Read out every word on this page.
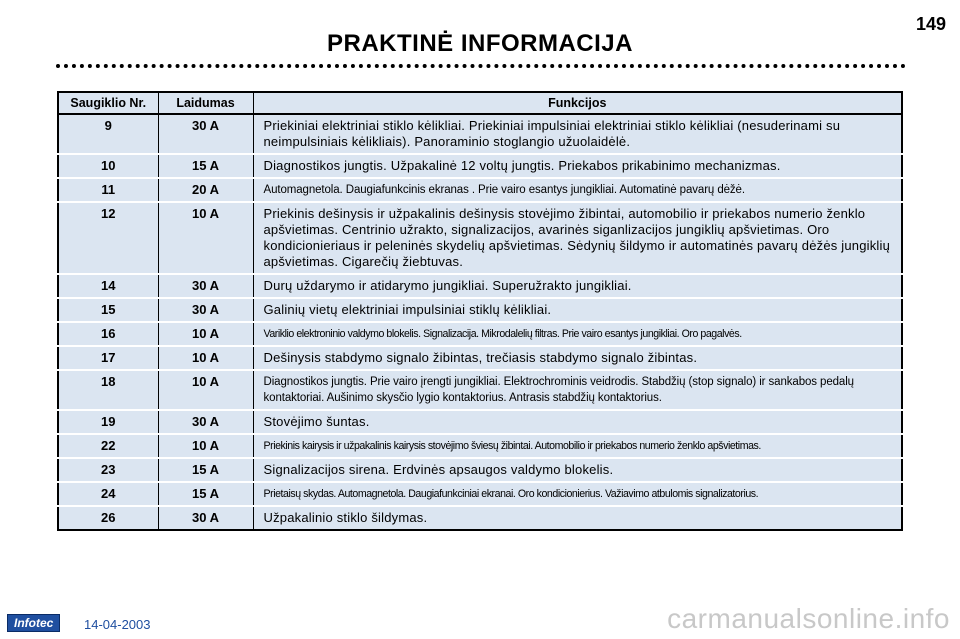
149
PRAKTINĖ INFORMACIJA
Saugiklio Nr.	Laidumas	Funkcijos
9	30 A	Priekiniai elektriniai stiklo kėlikliai. Priekiniai impulsiniai elektriniai stiklo kėlikliai (nesuderinami su neimpulsiniais kėlikliais). Panoraminio stoglangio užuolaidėlė.
10	15 A	Diagnostikos jungtis. Užpakalinė 12 voltų jungtis. Priekabos prikabinimo mechanizmas.
11	20 A	Automagnetola. Daugiafunkcinis ekranas . Prie vairo esantys jungikliai. Automatinė pavarų dėžė.
12	10 A	Priekinis dešinysis ir užpakalinis dešinysis stovėjimo žibintai, automobilio ir priekabos numerio ženklo apšvietimas. Centrinio užrakto, signalizacijos, avarinės siganlizacijos jungiklių apšvietimas. Oro kondicionieriaus ir peleninės skydelių apšvietimas. Sėdynių šildymo ir automatinės pavarų dėžės jungiklių apšvietimas. Cigarečių žiebtuvas.
14	30 A	Durų uždarymo ir atidarymo jungikliai. Superužrakto jungikliai.
15	30 A	Galinių vietų elektriniai impulsiniai stiklų kėlikliai.
16	10 A	Variklio elektroninio valdymo blokelis. Signalizacija. Mikrodalelių filtras. Prie vairo esantys jungikliai. Oro pagalvės.
17	10 A	Dešinysis stabdymo signalo žibintas, trečiasis stabdymo signalo žibintas.
18	10 A	Diagnostikos jungtis. Prie vairo įrengti jungikliai. Elektrochrominis veidrodis. Stabdžių (stop signalo) ir sankabos pedalų kontaktoriai. Aušinimo skysčio lygio kontaktorius. Antrasis stabdžių kontaktorius.
19	30 A	Stovėjimo šuntas.
22	10 A	Priekinis kairysis ir užpakalinis kairysis stovėjimo šviesų žibintai. Automobilio ir priekabos numerio ženklo apšvietimas.
23	15 A	Signalizacijos sirena. Erdvinės apsaugos valdymo blokelis.
24	15 A	Prietaisų skydas. Automagnetola. Daugiafunkciniai ekranai. Oro kondicionierius. Važiavimo atbulomis signalizatorius.
26	30 A	Užpakalinio stiklo šildymas.
Infotec	14-04-2003	carmanualsonline.info
